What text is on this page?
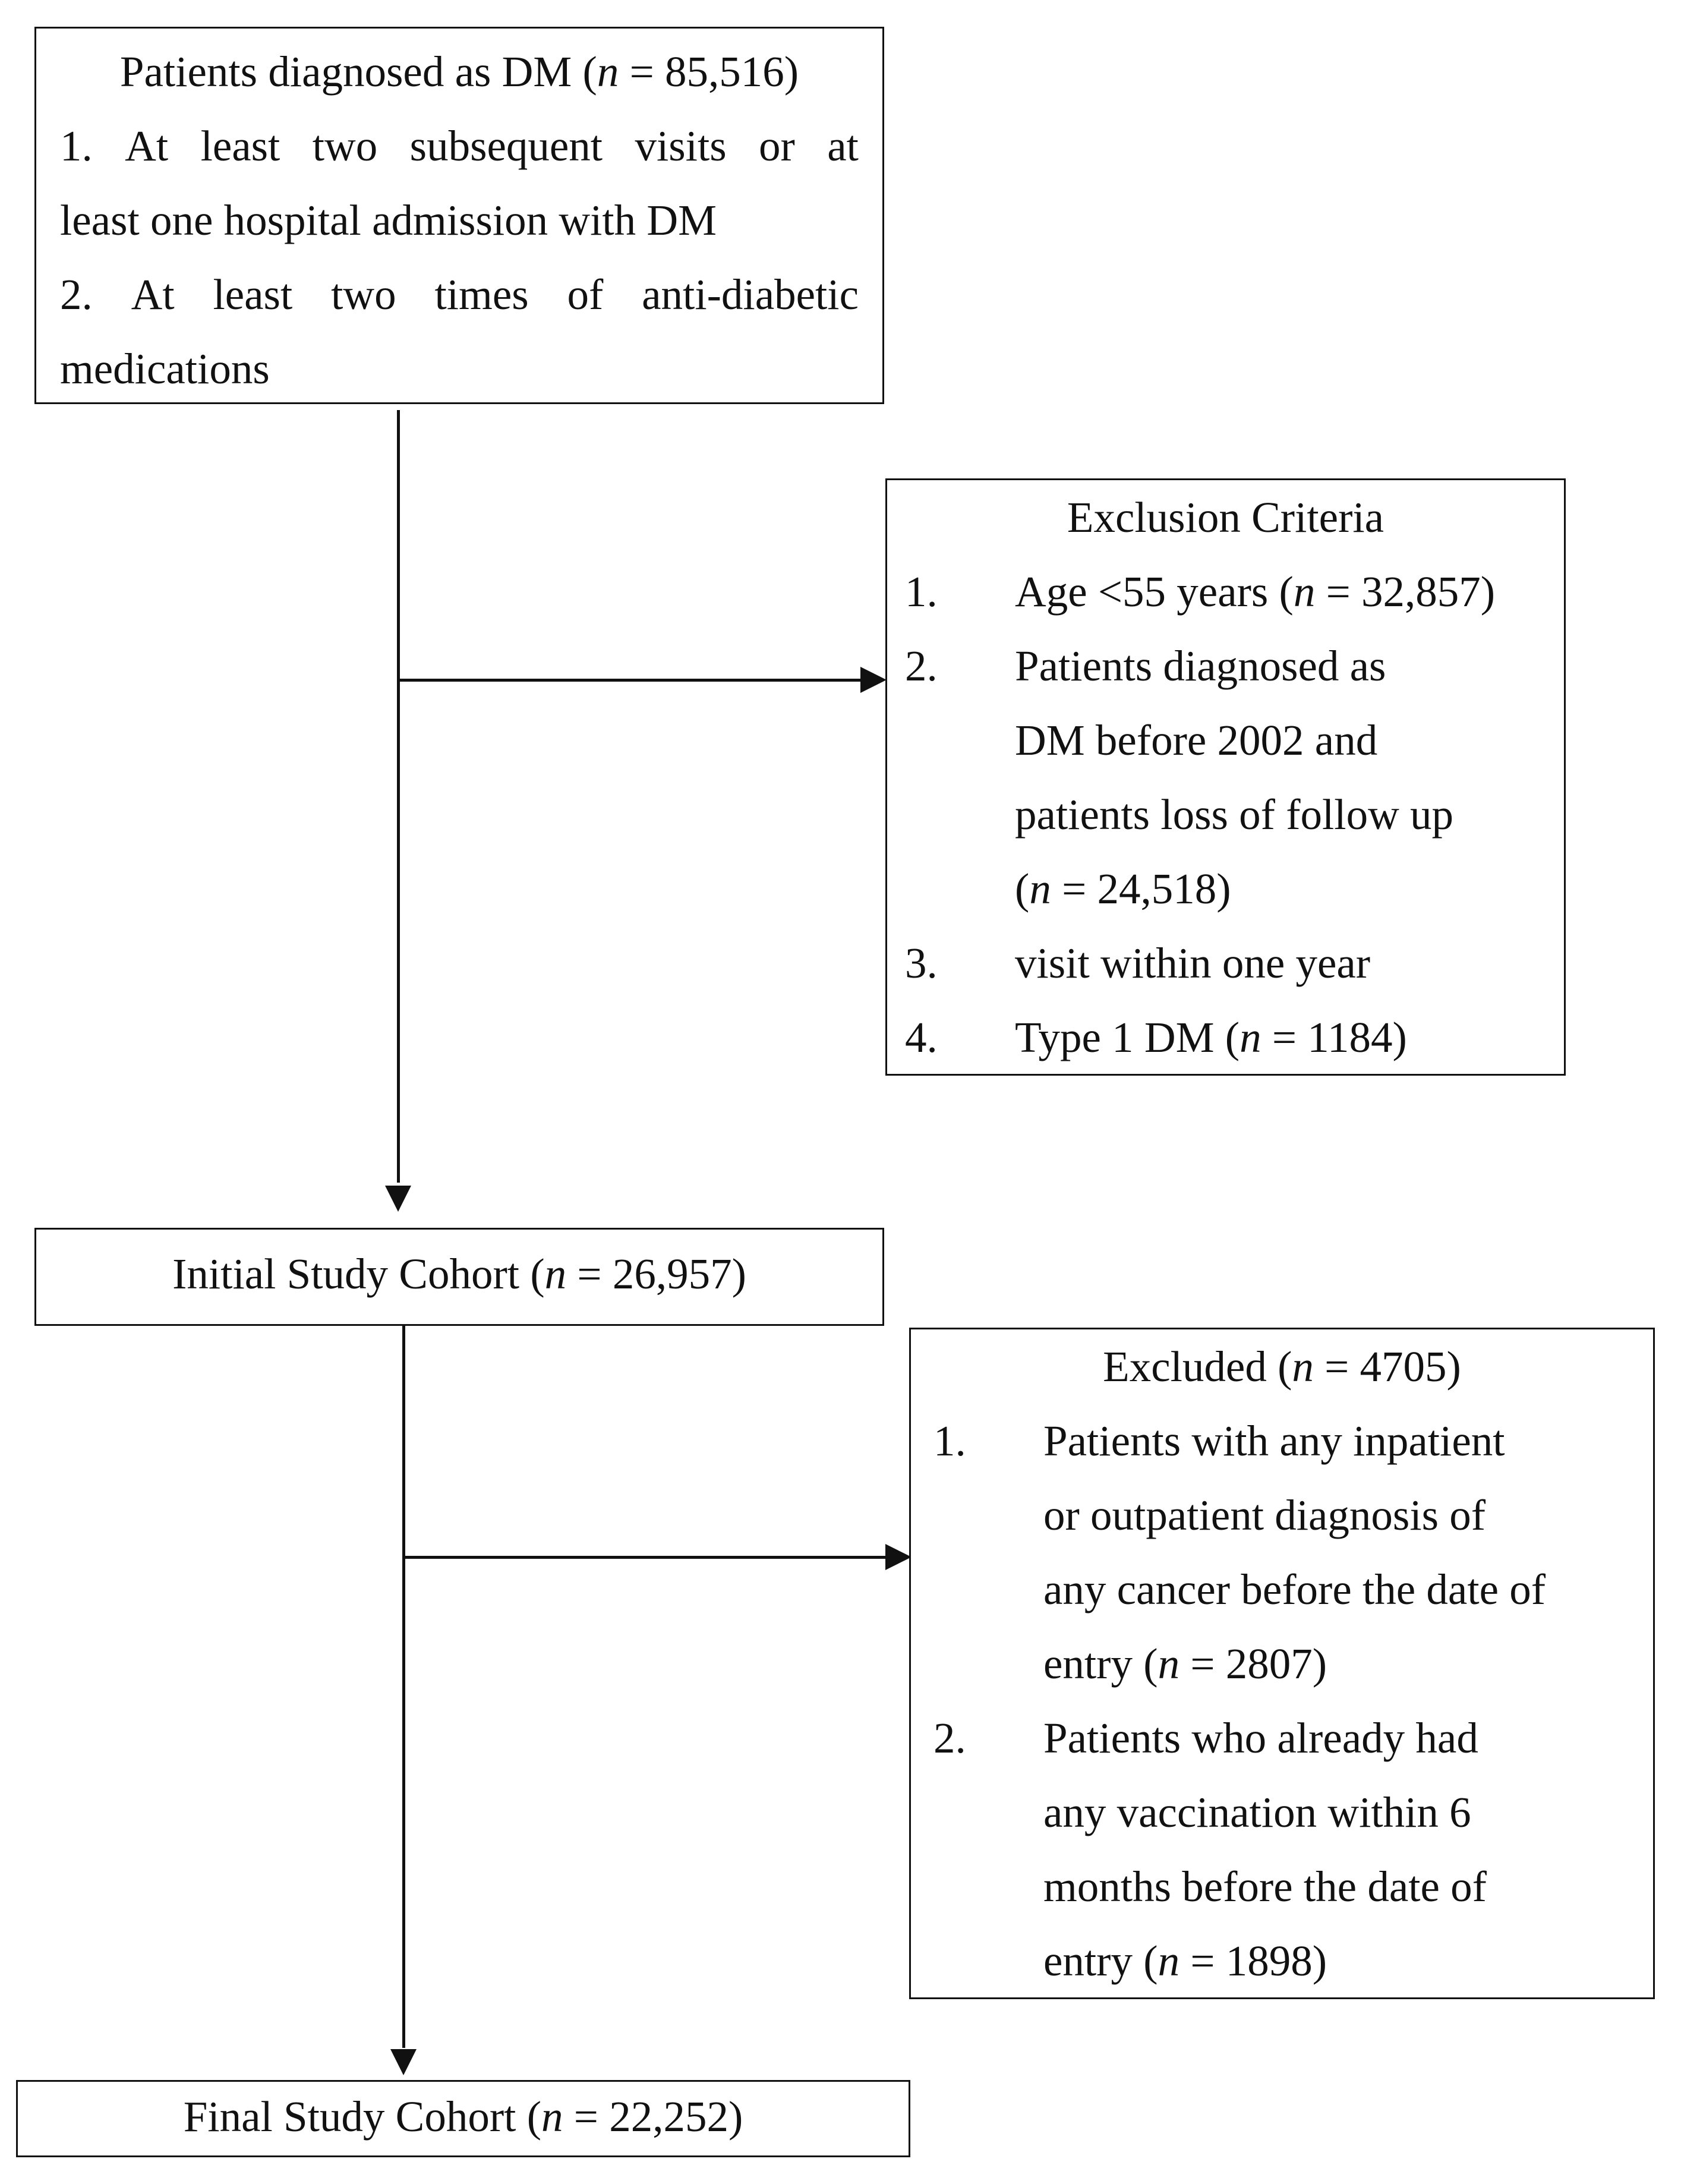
Patients diagnosed as DM (n = 85,516)
1. At least two subsequent visits or at
least one hospital admission with DM
2. At least two times of anti-diabetic
medications
Exclusion Criteria
1.	Age <55 years (n = 32,857)
2.	Patients diagnosed as
DM before 2002 and
patients loss of follow up
(n = 24,518)
3.	visit within one year
4.	Type 1 DM (n = 1184)
Initial Study Cohort (n = 26,957)
Excluded (n = 4705)
1.	Patients with any inpatient
or outpatient diagnosis of
any cancer before the date of
entry (n = 2807)
2.	Patients who already had
any vaccination within 6
months before the date of
entry (n = 1898)
Final Study Cohort (n = 22,252)
